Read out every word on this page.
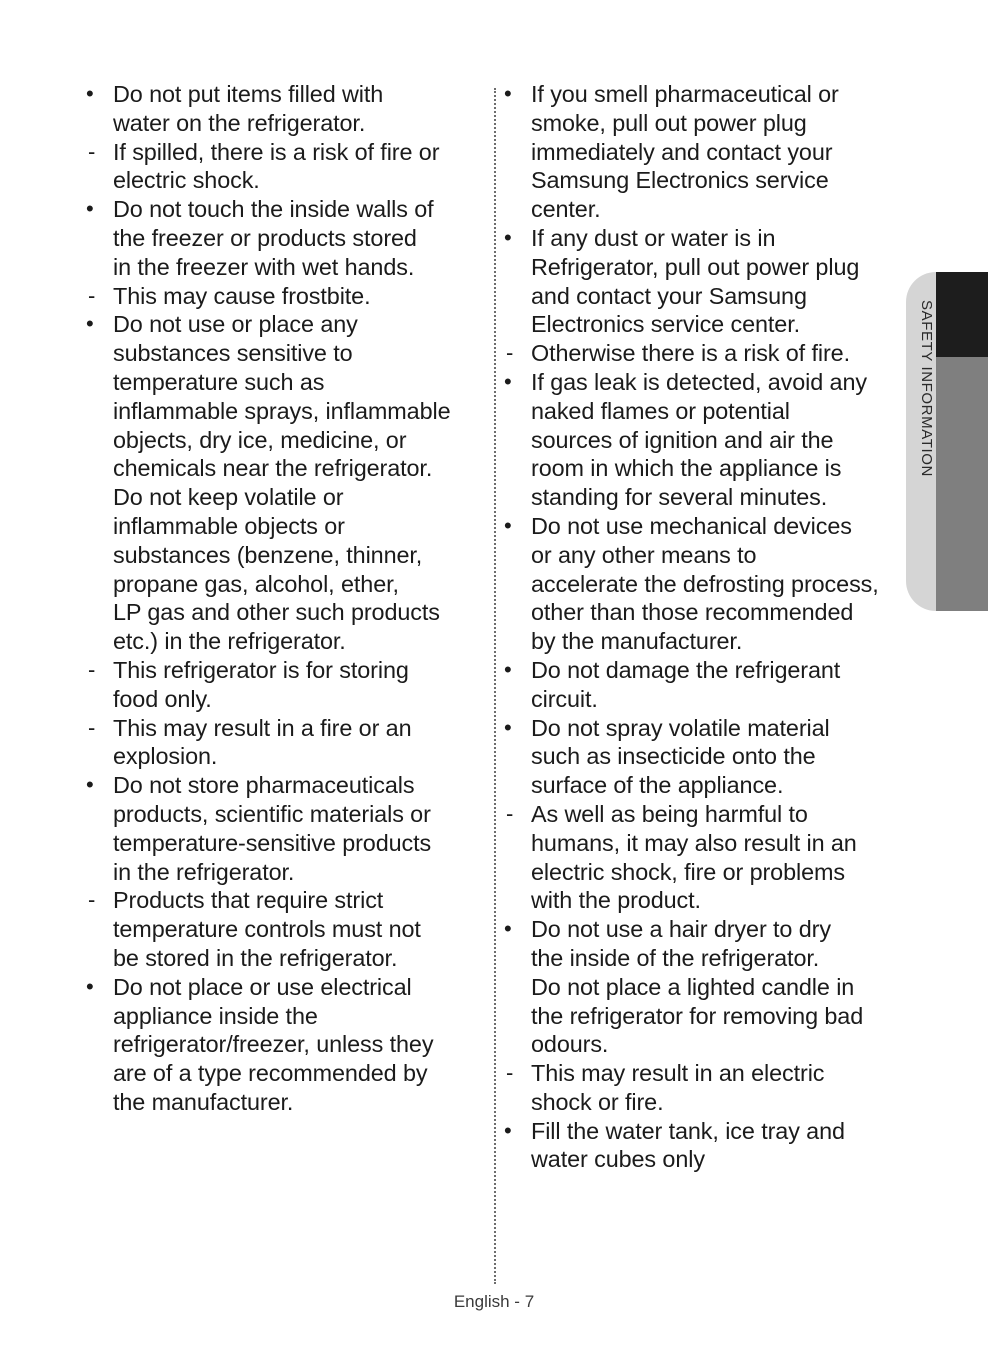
SAFETY INFORMATION
• Do not put items filled with
water on the refrigerator.
- If spilled, there is a risk of fire or
electric shock.
• Do not touch the inside walls of
the freezer or products stored
in the freezer with wet hands.
- This may cause frostbite.
• Do not use or place any
substances sensitive to
temperature such as
inflammable sprays, inflammable
objects, dry ice, medicine, or
chemicals near the refrigerator.
Do not keep volatile or
inflammable objects or
substances (benzene, thinner,
propane gas, alcohol, ether,
LP gas and other such products
etc.) in the refrigerator.
- This refrigerator is for storing
food only.
- This may result in a fire or an
explosion.
• Do not store pharmaceuticals
products, scientific materials or
temperature-sensitive products
in the refrigerator.
- Products that require strict
temperature controls must not
be stored in the refrigerator.
• Do not place or use electrical
appliance inside the
refrigerator/freezer, unless they
are of a type recommended by
the manufacturer.
• If you smell pharmaceutical or
smoke, pull out power plug
immediately and contact your
Samsung Electronics service
center.
• If any dust or water is in
Refrigerator, pull out power plug
and contact your Samsung
Electronics service center.
- Otherwise there is a risk of fire.
• If gas leak is detected, avoid any
naked flames or potential
sources of ignition and air the
room in which the appliance is
standing for several minutes.
• Do not use mechanical devices
or any other means to
accelerate the defrosting process,
other than those recommended
by the manufacturer.
• Do not damage the refrigerant
circuit.
• Do not spray volatile material
such as insecticide onto the
surface of the appliance.
- As well as being harmful to
humans, it may also result in an
electric shock, fire or problems
with the product.
• Do not use a hair dryer to dry
the inside of the refrigerator.
Do not place a lighted candle in
the refrigerator for removing bad
odours.
- This may result in an electric
shock or fire.
• Fill the water tank, ice tray and
water cubes only
English - 7
